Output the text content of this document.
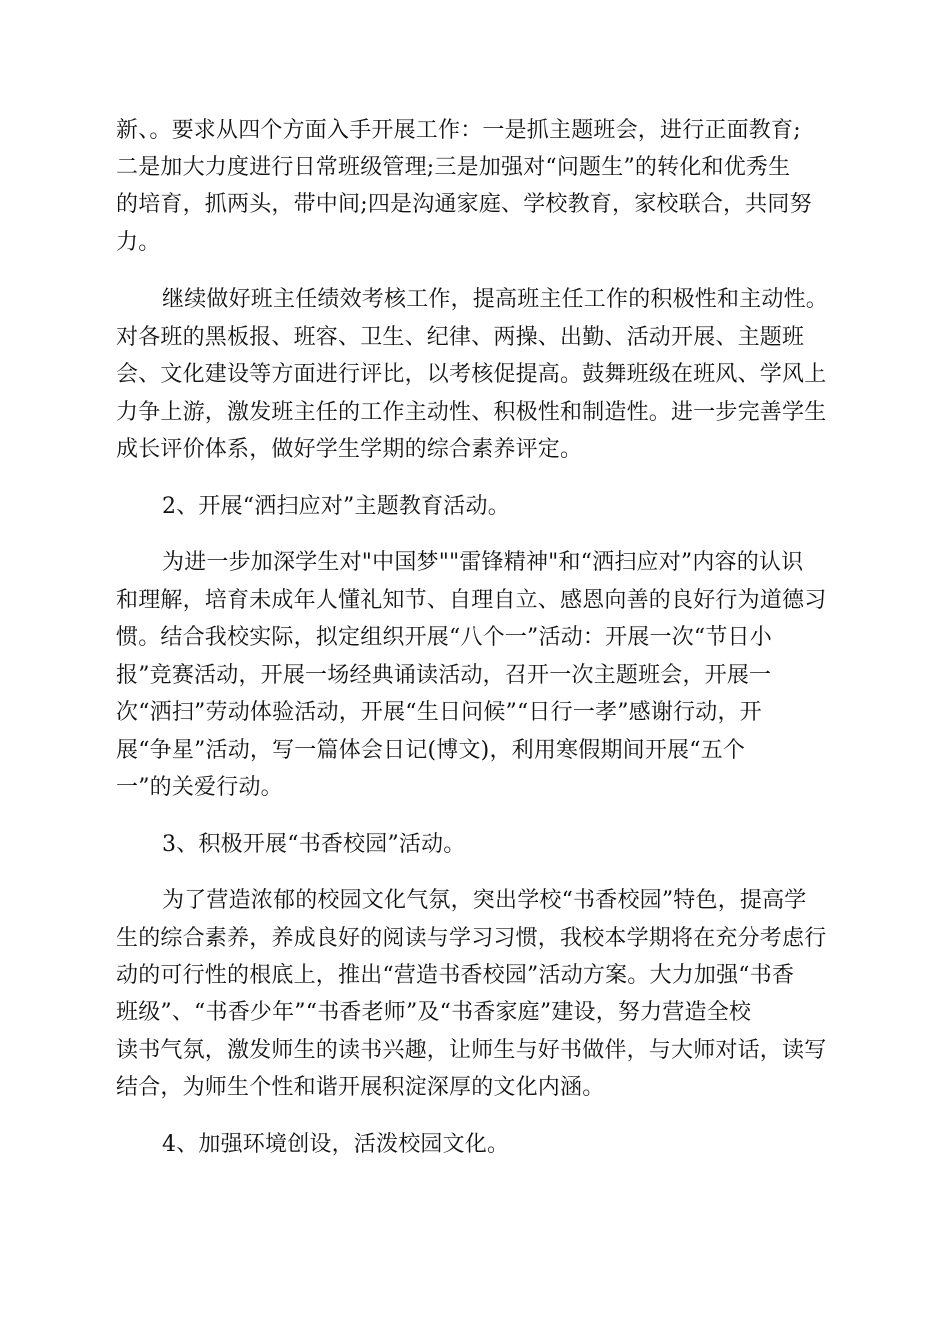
新、。要求从四个方面入手开展工作：一是抓主题班会，进行正面教育;

二是加大力度进行日常班级管理;三是加强对“问题生”的转化和优秀生

的培育，抓两头，带中间;四是沟通家庭、学校教育，家校联合，共同努

力。

继续做好班主任绩效考核工作，提高班主任工作的积极性和主动性。

对各班的黑板报、班容、卫生、纪律、两操、出勤、活动开展、主题班

会、文化建设等方面进行评比，以考核促提高。鼓舞班级在班风、学风上

力争上游，激发班主任的工作主动性、积极性和制造性。进一步完善学生

成长评价体系，做好学生学期的综合素养评定。

2、开展“洒扫应对”主题教育活动。

为进一步加深学生对"中国梦""雷锋精神"和“洒扫应对”内容的认识

和理解，培育未成年人懂礼知节、自理自立、感恩向善的良好行为道德习

惯。结合我校实际，拟定组织开展“八个一”活动：开展一次“节日小

报”竞赛活动，开展一场经典诵读活动，召开一次主题班会，开展一

次“洒扫”劳动体验活动，开展“生日问候”“日行一孝”感谢行动，开

展“争星”活动，写一篇体会日记(博文)，利用寒假期间开展“五个

一”的关爱行动。

3、积极开展“书香校园”活动。

为了营造浓郁的校园文化气氛，突出学校“书香校园”特色，提高学

生的综合素养，养成良好的阅读与学习习惯，我校本学期将在充分考虑行

动的可行性的根底上，推出“营造书香校园”活动方案。大力加强“书香

班级”、“书香少年”“书香老师”及“书香家庭”建设，努力营造全校

读书气氛，激发师生的读书兴趣，让师生与好书做伴，与大师对话，读写

结合，为师生个性和谐开展积淀深厚的文化内涵。

4、加强环境创设，活泼校园文化。
